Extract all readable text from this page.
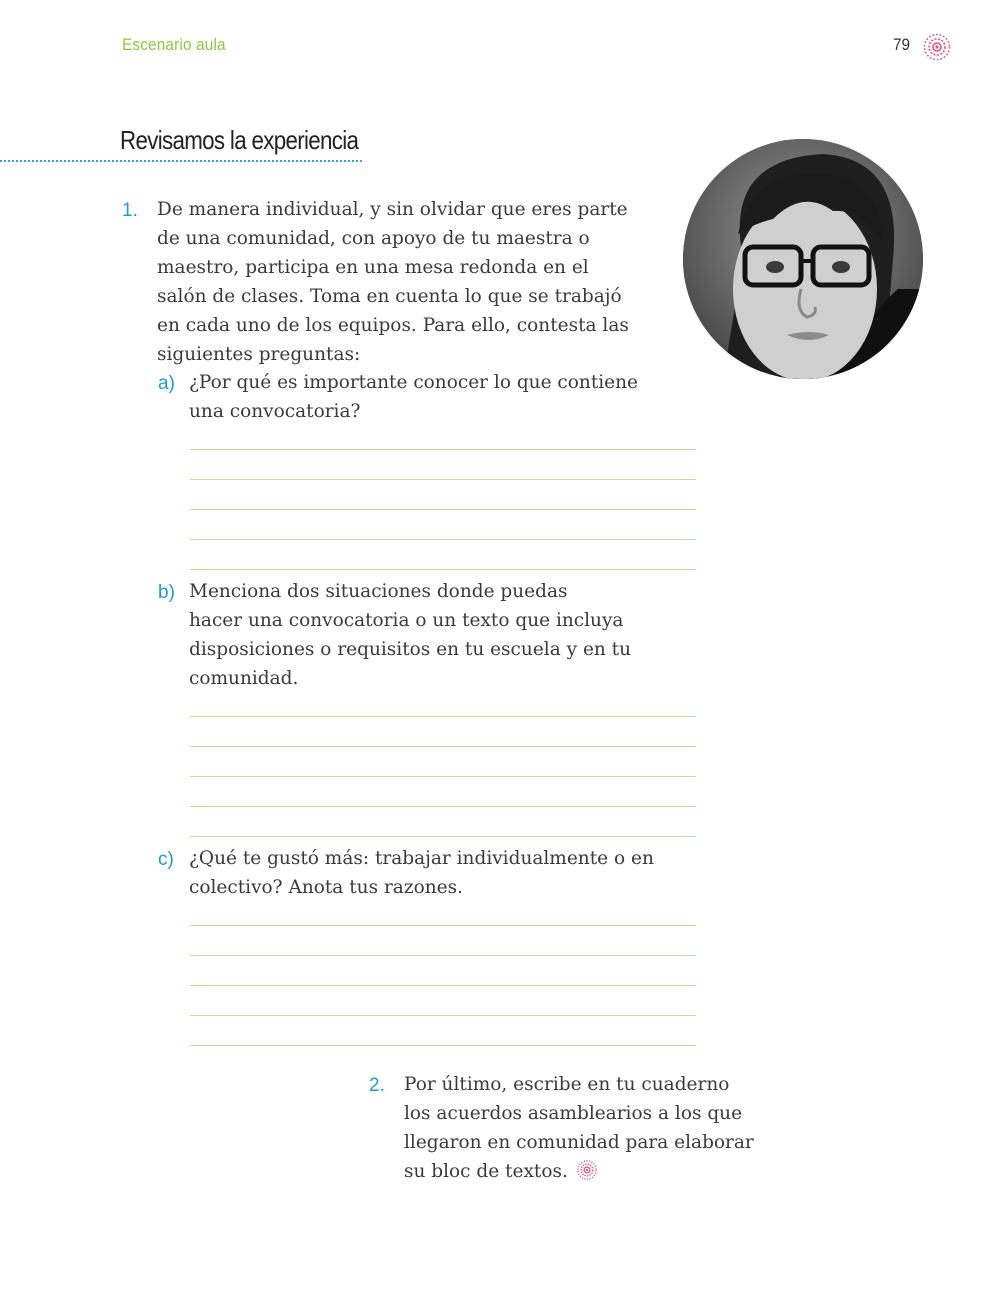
Escenario aula	79
Revisamos la experiencia
1. De manera individual, y sin olvidar que eres parte
de una comunidad, con apoyo de tu maestra o
maestro, participa en una mesa redonda en el
salón de clases. Toma en cuenta lo que se trabajó
en cada uno de los equipos. Para ello, contesta las
siguientes preguntas:
a) ¿Por qué es importante conocer lo que contiene
una convocatoria?
b) Menciona dos situaciones donde puedas
hacer una convocatoria o un texto que incluya
disposiciones o requisitos en tu escuela y en tu
comunidad.
c) ¿Qué te gustó más: trabajar individualmente o en
colectivo? Anota tus razones.
2. Por último, escribe en tu cuaderno
los acuerdos asamblearios a los que
llegaron en comunidad para elaborar
su bloc de textos.
